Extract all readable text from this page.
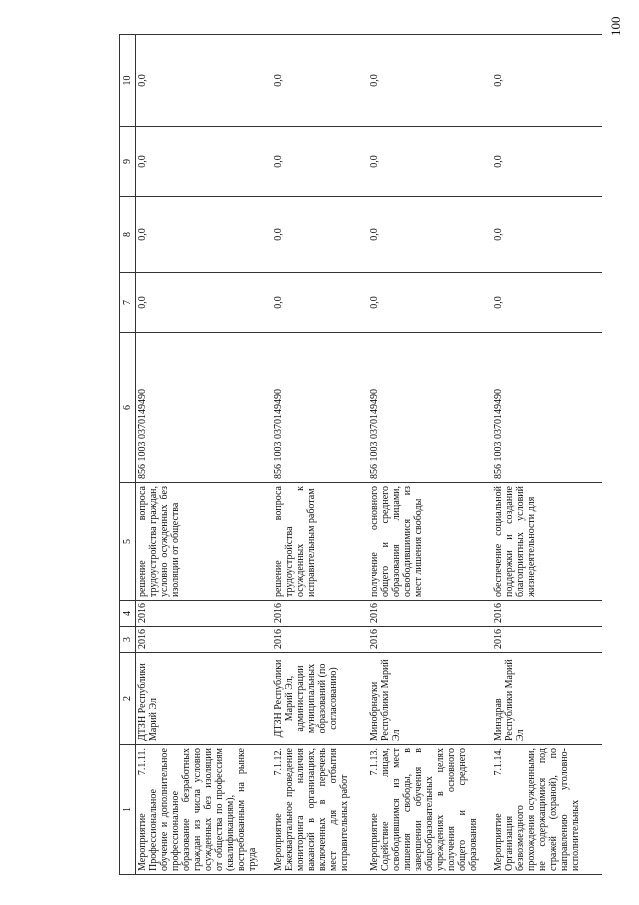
100
1	2	3	4	5	6	7	8	9	10
Мероприятие 7.1.11. Профессиональное обучение и дополнительное профессиональное образование безработных граждан из числа условно осужденных без изоляции от общества по профессиям (квалификациям), востребованным на рынке труда	ДТЗН Республики Марий Эл	2016	2016	решение вопроса трудоустройства граждан, условно осужденных без изоляции от общества	856 1003 0370149490	0,0	0,0	0,0	0,0
Мероприятие 7.1.12. Ежеквартальное проведение мониторинга наличия вакансий в организациях, включенных в перечень мест для отбытия исправительных работ	ДТЗН Республики Марий Эл, администрации муниципальных образований (по согласованию)	2016	2016	решение вопроса трудоустройства осужденных к исправительным работам	856 1003 0370149490	0,0	0,0	0,0	0,0
Мероприятие 7.1.13. Содействие лицам, освободившимся из мест лишения свободы, в завершении обучения в общеобразовательных учреждениях в целях получения основного общего и среднего образования	Минобрнауки Республики Марий Эл	2016	2016	получение основного общего и среднего образования лицами, освободившимися из мест лишения свободы	856 1003 0370149490	0,0	0,0	0,0	0,0
Мероприятие 7.1.14. Организация безвозмездного прохождения осужденными, не содержащимися под стражей (охраной), по направлению уголовно-исполнительных	Минздрав Республики Марий Эл	2016	2016	обеспечение социальной поддержки и создание благоприятных условий жизнедеятельности для	856 1003 0370149490	0,0	0,0	0,0	0,0
